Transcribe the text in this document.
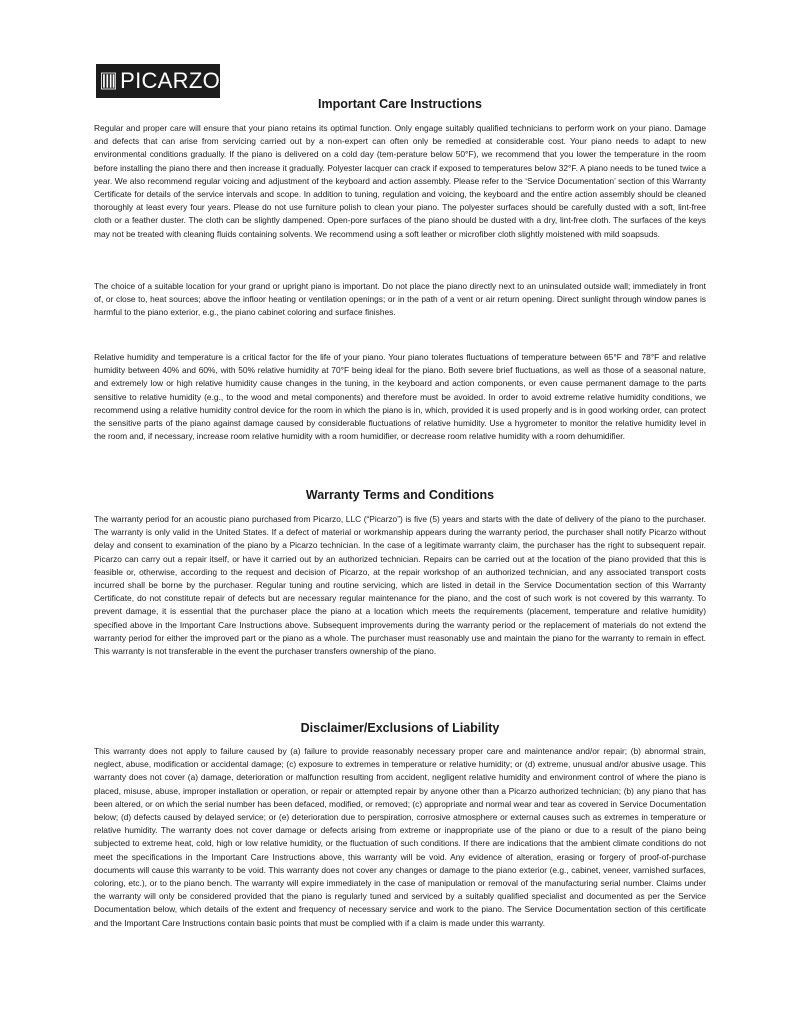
PICARZO
Important Care Instructions

Regular and proper care will ensure that your piano retains its optimal function. Only engage suitably qualified technicians to perform work on your piano. Damage and defects that can arise from servicing carried out by a non-expert can often only be remedied at considerable cost. Your piano needs to adapt to new environmental conditions gradually. If the piano is delivered on a cold day (tem-perature below 50°F), we recommend that you lower the temperature in the room before installing the piano there and then increase it gradually. Polyester lacquer can crack if exposed to temperatures below 32°F. A piano needs to be tuned twice a year. We also recommend regular voicing and adjustment of the keyboard and action assembly. Please refer to the ‘Service Documentation’ section of this Warranty Certificate for details of the service intervals and scope. In addition to tuning, regulation and voicing, the keyboard and the entire action assembly should be cleaned thoroughly at least every four years. Please do not use furniture polish to clean your piano. The polyester surfaces should be carefully dusted with a soft, lint-free cloth or a feather duster. The cloth can be slightly dampened. Open-pore surfaces of the piano should be dusted with a dry, lint-free cloth. The surfaces of the keys may not be treated with cleaning fluids containing solvents. We recommend using a soft leather or microfiber cloth slightly moistened with mild soapsuds.

The choice of a suitable location for your grand or upright piano is important. Do not place the piano directly next to an uninsulated outside wall; immediately in front of, or close to, heat sources; above the infloor heating or ventilation openings; or in the path of a vent or air return opening. Direct sunlight through window panes is harmful to the piano exterior, e.g., the piano cabinet coloring and surface finishes.

Relative humidity and temperature is a critical factor for the life of your piano. Your piano tolerates fluctuations of temperature between 65°F and 78°F and relative humidity between 40% and 60%, with 50% relative humidity at 70°F being ideal for the piano. Both severe brief fluctuations, as well as those of a seasonal nature, and extremely low or high relative humidity cause changes in the tuning, in the keyboard and action components, or even cause permanent damage to the parts sensitive to relative humidity (e.g., to the wood and metal components) and therefore must be avoided. In order to avoid extreme relative humidity conditions, we recommend using a relative humidity control device for the room in which the piano is in, which, provided it is used properly and is in good working order, can protect the sensitive parts of the piano against damage caused by considerable fluctuations of relative humidity. Use a hygrometer to monitor the relative humidity level in the room and, if necessary, increase room relative humidity with a room humidifier, or decrease room relative humidity with a room dehumidifier.

Warranty Terms and Conditions

The warranty period for an acoustic piano purchased from Picarzo, LLC (“Picarzo”) is five (5) years and starts with the date of delivery of the piano to the purchaser. The warranty is only valid in the United States. If a defect of material or workmanship appears during the warranty period, the purchaser shall notify Picarzo without delay and consent to examination of the piano by a Picarzo technician. In the case of a legitimate warranty claim, the purchaser has the right to subsequent repair. Picarzo can carry out a repair itself, or have it carried out by an authorized technician. Repairs can be carried out at the location of the piano provided that this is feasible or, otherwise, according to the request and decision of Picarzo, at the repair workshop of an authorized technician, and any associated transport costs incurred shall be borne by the purchaser. Regular tuning and routine servicing, which are listed in detail in the Service Documentation section of this Warranty Certificate, do not constitute repair of defects but are necessary regular maintenance for the piano, and the cost of such work is not covered by this warranty. To prevent damage, it is essential that the purchaser place the piano at a location which meets the requirements (placement, temperature and relative humidity) specified above in the Important Care Instructions above. Subsequent improvements during the warranty period or the replacement of materials do not extend the warranty period for either the improved part or the piano as a whole. The purchaser must reasonably use and maintain the piano for the warranty to remain in effect. This warranty is not transferable in the event the purchaser transfers ownership of the piano.

Disclaimer/Exclusions of Liability

This warranty does not apply to failure caused by (a) failure to provide reasonably necessary proper care and maintenance and/or repair; (b) abnormal strain, neglect, abuse, modification or accidental damage; (c) exposure to extremes in temperature or relative humidity; or (d) extreme, unusual and/or abusive usage. This warranty does not cover (a) damage, deterioration or malfunction resulting from accident, negligent relative humidity and environment control of where the piano is placed, misuse, abuse, improper installation or operation, or repair or attempted repair by anyone other than a Picarzo authorized technician; (b) any piano that has been altered, or on which the serial number has been defaced, modified, or removed; (c) appropriate and normal wear and tear as covered in Service Documentation below; (d) defects caused by delayed service; or (e) deterioration due to perspiration, corrosive atmosphere or external causes such as extremes in temperature or relative humidity. The warranty does not cover damage or defects arising from extreme or inappropriate use of the piano or due to a result of the piano being subjected to extreme heat, cold, high or low relative humidity, or the fluctuation of such conditions. If there are indications that the ambient climate conditions do not meet the specifications in the Important Care Instructions above, this warranty will be void. Any evidence of alteration, erasing or forgery of proof-of-purchase documents will cause this warranty to be void. This warranty does not cover any changes or damage to the piano exterior (e.g., cabinet, veneer, varnished surfaces, coloring, etc.), or to the piano bench. The warranty will expire immediately in the case of manipulation or removal of the manufacturing serial number. Claims under the warranty will only be considered provided that the piano is regularly tuned and serviced by a suitably qualified specialist and documented as per the Service Documentation below, which details of the extent and frequency of necessary service and work to the piano. The Service Documentation section of this certificate and the Important Care Instructions contain basic points that must be complied with if a claim is made under this warranty.
